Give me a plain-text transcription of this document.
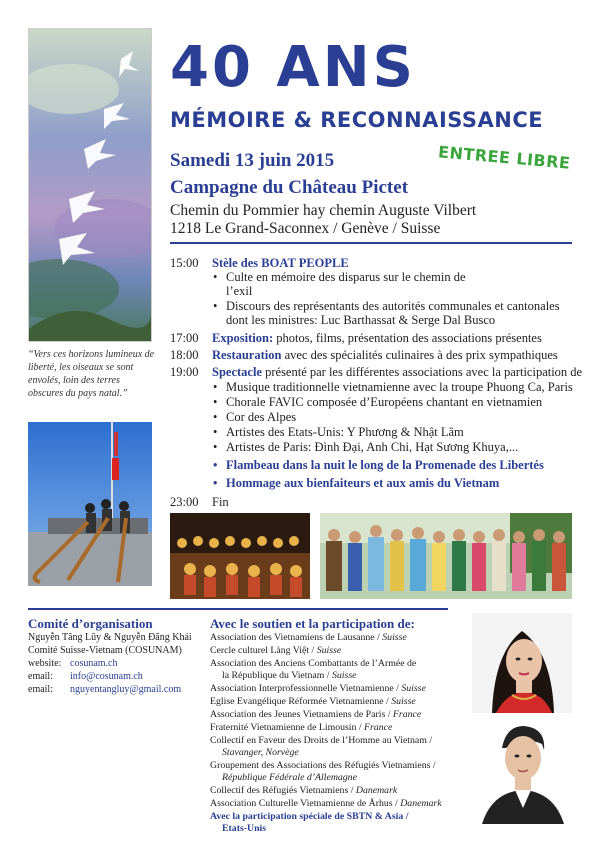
40 ANS
MÉMOIRE & RECONNAISSANCE
Samedi 13 juin 2015	ENTREE LIBRE
Campagne du Château Pictet
Chemin du Pommier hay chemin Auguste Vilbert
1218 Le Grand-Saconnex / Genève / Suisse
“Vers ces horizons lumineux de liberté, les oiseaux se sont envolés, loin des terres obscures du pays natal.”
15:00 Stèle des BOAT PEOPLE
• Culte en mémoire des disparus sur le chemin de
l’exil
• Discours des représentants des autorités communales et cantonales
dont les ministres: Luc Barthassat & Serge Dal Busco
17:00 Exposition: photos, films, présentation des associations présentes
18:00 Restauration avec des spécialités culinaires à des prix sympathiques
19:00 Spectacle présenté par les différentes associations avec la participation de
• Musique traditionnelle vietnamienne avec la troupe Phuong Ca, Paris
• Chorale FAVIC composée d’Européens chantant en vietnamien
• Cor des Alpes
• Artistes des Etats-Unis: Y Phương & Nhật Lâm
• Artistes de Paris: Đình Đại, Anh Chi, Hạt Sương Khuya,...
• Flambeau dans la nuit le long de la Promenade des Libertés
• Hommage aux bienfaiteurs et aux amis du Vietnam
23:00 Fin
Comité d’organisation
Nguyễn Tăng Lũy & Nguyễn Đăng Khải
Comité Suisse-Vietnam (COSUNAM)
website: cosunam.ch
email: info@cosunam.ch
email: nguyentangluy@gmail.com
Avec le soutien et la participation de:
Association des Vietnamiens de Lausanne / Suisse
Cercle culturel Làng Việt / Suisse
Association des Anciens Combattants de l’Armée de
la République du Vietnam / Suisse
Association Interprofessionnelle Vietnamienne / Suisse
Eglise Evangélique Réformée Vietnamienne / Suisse
Association des Jeunes Vietnamiens de Paris / France
Fraternité Vietnamienne de Limousin / France
Collectif en Faveur des Droits de l’Homme au Vietnam /
Stavanger, Norvège
Groupement des Associations des Réfugiés Vietnamiens /
République Fédérale d’Allemagne
Collectif des Réfugiés Vietnamiens / Danemark
Association Culturelle Vietnamienne de Århus / Danemark
Avec la participation spéciale de SBTN & Asia /
Etats-Unis
